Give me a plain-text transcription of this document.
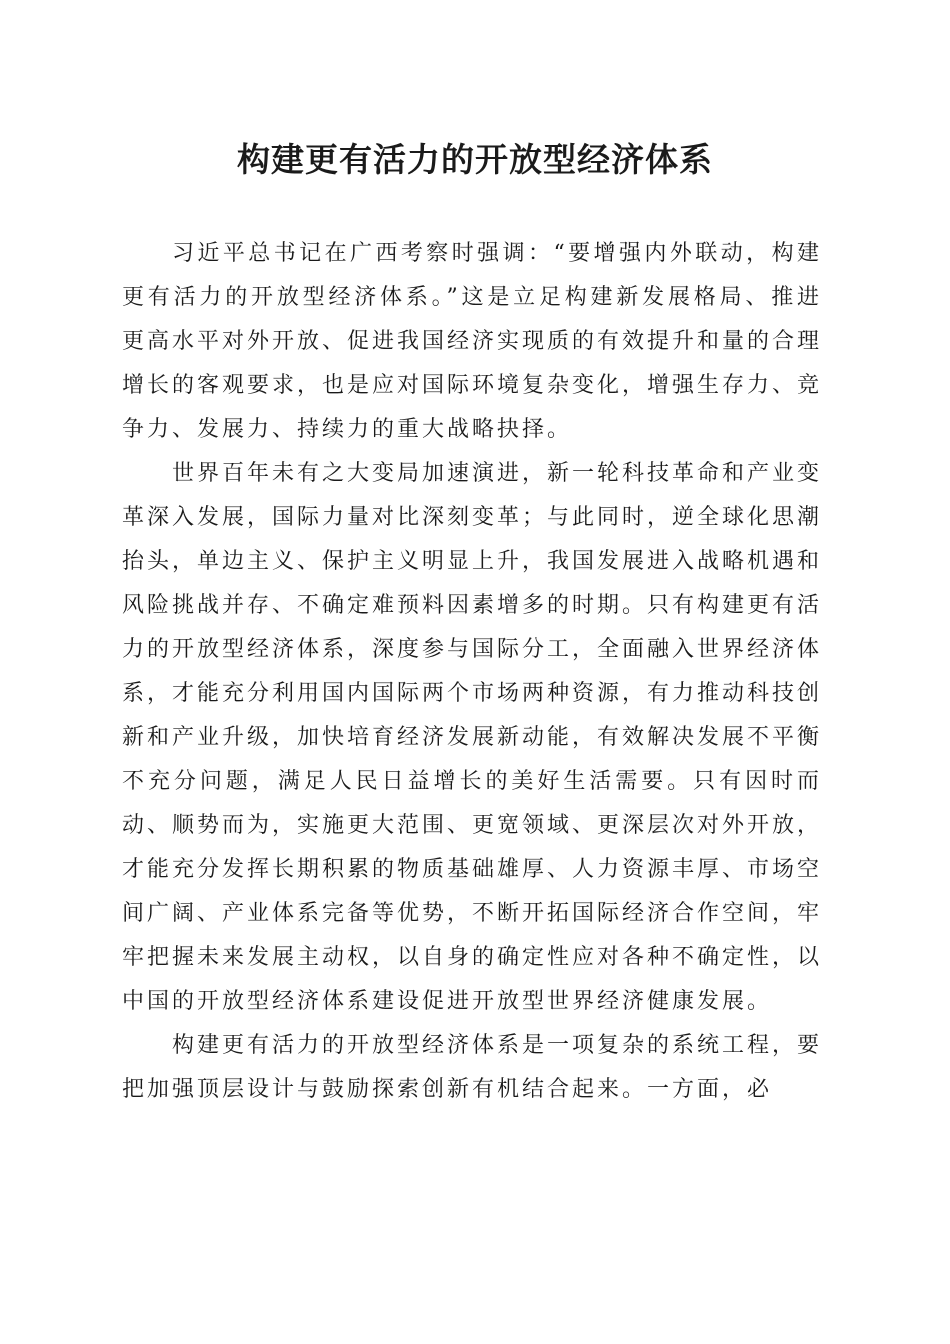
构建更有活力的开放型经济体系

习近平总书记在广西考察时强调：“要增强内外联动，构建更有活力的开放型经济体系。”这是立足构建新发展格局、推进更高水平对外开放、促进我国经济实现质的有效提升和量的合理增长的客观要求，也是应对国际环境复杂变化，增强生存力、竞争力、发展力、持续力的重大战略抉择。

世界百年未有之大变局加速演进，新一轮科技革命和产业变革深入发展，国际力量对比深刻变革；与此同时，逆全球化思潮抬头，单边主义、保护主义明显上升，我国发展进入战略机遇和风险挑战并存、不确定难预料因素增多的时期。只有构建更有活力的开放型经济体系，深度参与国际分工，全面融入世界经济体系，才能充分利用国内国际两个市场两种资源，有力推动科技创新和产业升级，加快培育经济发展新动能，有效解决发展不平衡不充分问题，满足人民日益增长的美好生活需要。只有因时而动、顺势而为，实施更大范围、更宽领域、更深层次对外开放，才能充分发挥长期积累的物质基础雄厚、人力资源丰厚、市场空间广阔、产业体系完备等优势，不断开拓国际经济合作空间，牢牢把握未来发展主动权，以自身的确定性应对各种不确定性，以中国的开放型经济体系建设促进开放型世界经济健康发展。

构建更有活力的开放型经济体系是一项复杂的系统工程，要把加强顶层设计与鼓励探索创新有机结合起来。一方面，必
